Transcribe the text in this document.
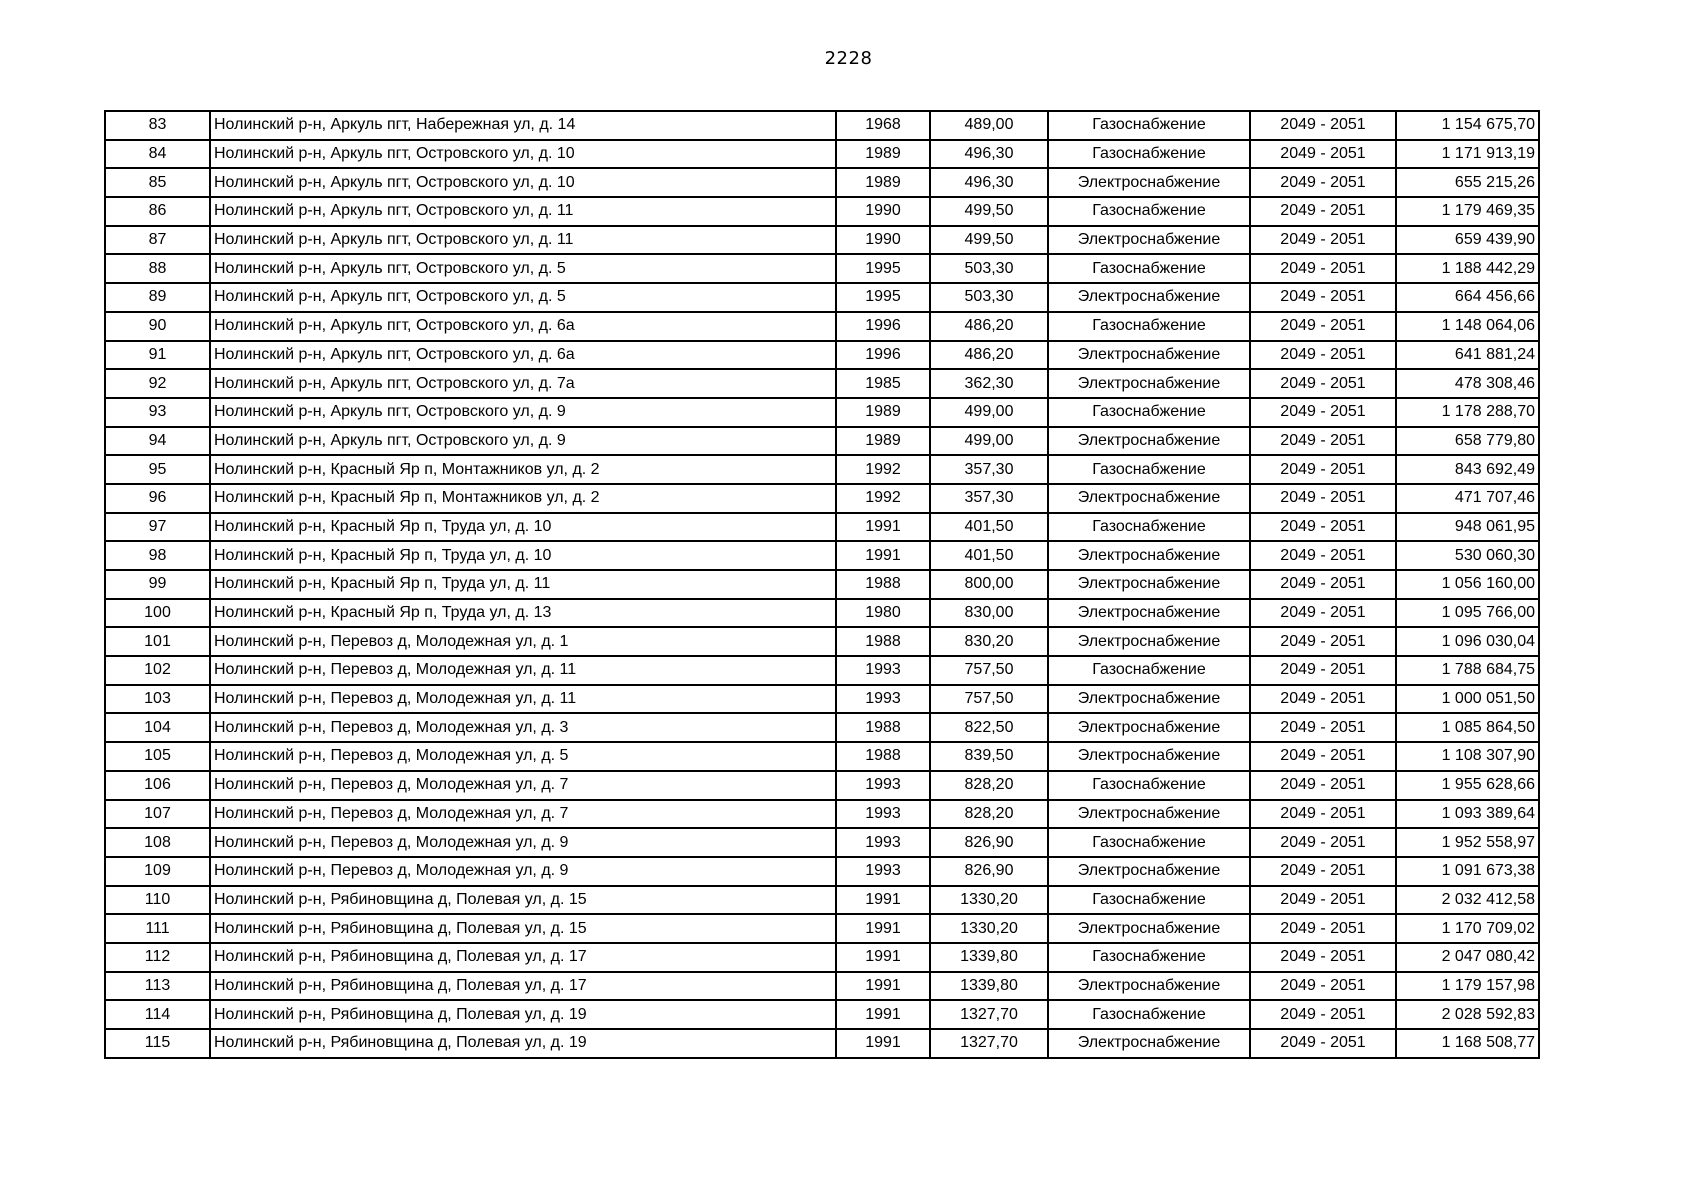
2228
83	Нолинский р-н, Аркуль пгт, Набережная ул, д. 14	1968	489,00	Газоснабжение	2049 - 2051	1 154 675,70
84	Нолинский р-н, Аркуль пгт, Островского ул, д. 10	1989	496,30	Газоснабжение	2049 - 2051	1 171 913,19
85	Нолинский р-н, Аркуль пгт, Островского ул, д. 10	1989	496,30	Электроснабжение	2049 - 2051	655 215,26
86	Нолинский р-н, Аркуль пгт, Островского ул, д. 11	1990	499,50	Газоснабжение	2049 - 2051	1 179 469,35
87	Нолинский р-н, Аркуль пгт, Островского ул, д. 11	1990	499,50	Электроснабжение	2049 - 2051	659 439,90
88	Нолинский р-н, Аркуль пгт, Островского ул, д. 5	1995	503,30	Газоснабжение	2049 - 2051	1 188 442,29
89	Нолинский р-н, Аркуль пгт, Островского ул, д. 5	1995	503,30	Электроснабжение	2049 - 2051	664 456,66
90	Нолинский р-н, Аркуль пгт, Островского ул, д. 6а	1996	486,20	Газоснабжение	2049 - 2051	1 148 064,06
91	Нолинский р-н, Аркуль пгт, Островского ул, д. 6а	1996	486,20	Электроснабжение	2049 - 2051	641 881,24
92	Нолинский р-н, Аркуль пгт, Островского ул, д. 7а	1985	362,30	Электроснабжение	2049 - 2051	478 308,46
93	Нолинский р-н, Аркуль пгт, Островского ул, д. 9	1989	499,00	Газоснабжение	2049 - 2051	1 178 288,70
94	Нолинский р-н, Аркуль пгт, Островского ул, д. 9	1989	499,00	Электроснабжение	2049 - 2051	658 779,80
95	Нолинский р-н, Красный Яр п, Монтажников ул, д. 2	1992	357,30	Газоснабжение	2049 - 2051	843 692,49
96	Нолинский р-н, Красный Яр п, Монтажников ул, д. 2	1992	357,30	Электроснабжение	2049 - 2051	471 707,46
97	Нолинский р-н, Красный Яр п, Труда ул, д. 10	1991	401,50	Газоснабжение	2049 - 2051	948 061,95
98	Нолинский р-н, Красный Яр п, Труда ул, д. 10	1991	401,50	Электроснабжение	2049 - 2051	530 060,30
99	Нолинский р-н, Красный Яр п, Труда ул, д. 11	1988	800,00	Электроснабжение	2049 - 2051	1 056 160,00
100	Нолинский р-н, Красный Яр п, Труда ул, д. 13	1980	830,00	Электроснабжение	2049 - 2051	1 095 766,00
101	Нолинский р-н, Перевоз д, Молодежная ул, д. 1	1988	830,20	Электроснабжение	2049 - 2051	1 096 030,04
102	Нолинский р-н, Перевоз д, Молодежная ул, д. 11	1993	757,50	Газоснабжение	2049 - 2051	1 788 684,75
103	Нолинский р-н, Перевоз д, Молодежная ул, д. 11	1993	757,50	Электроснабжение	2049 - 2051	1 000 051,50
104	Нолинский р-н, Перевоз д, Молодежная ул, д. 3	1988	822,50	Электроснабжение	2049 - 2051	1 085 864,50
105	Нолинский р-н, Перевоз д, Молодежная ул, д. 5	1988	839,50	Электроснабжение	2049 - 2051	1 108 307,90
106	Нолинский р-н, Перевоз д, Молодежная ул, д. 7	1993	828,20	Газоснабжение	2049 - 2051	1 955 628,66
107	Нолинский р-н, Перевоз д, Молодежная ул, д. 7	1993	828,20	Электроснабжение	2049 - 2051	1 093 389,64
108	Нолинский р-н, Перевоз д, Молодежная ул, д. 9	1993	826,90	Газоснабжение	2049 - 2051	1 952 558,97
109	Нолинский р-н, Перевоз д, Молодежная ул, д. 9	1993	826,90	Электроснабжение	2049 - 2051	1 091 673,38
110	Нолинский р-н, Рябиновщина д, Полевая ул, д. 15	1991	1330,20	Газоснабжение	2049 - 2051	2 032 412,58
111	Нолинский р-н, Рябиновщина д, Полевая ул, д. 15	1991	1330,20	Электроснабжение	2049 - 2051	1 170 709,02
112	Нолинский р-н, Рябиновщина д, Полевая ул, д. 17	1991	1339,80	Газоснабжение	2049 - 2051	2 047 080,42
113	Нолинский р-н, Рябиновщина д, Полевая ул, д. 17	1991	1339,80	Электроснабжение	2049 - 2051	1 179 157,98
114	Нолинский р-н, Рябиновщина д, Полевая ул, д. 19	1991	1327,70	Газоснабжение	2049 - 2051	2 028 592,83
115	Нолинский р-н, Рябиновщина д, Полевая ул, д. 19	1991	1327,70	Электроснабжение	2049 - 2051	1 168 508,77
